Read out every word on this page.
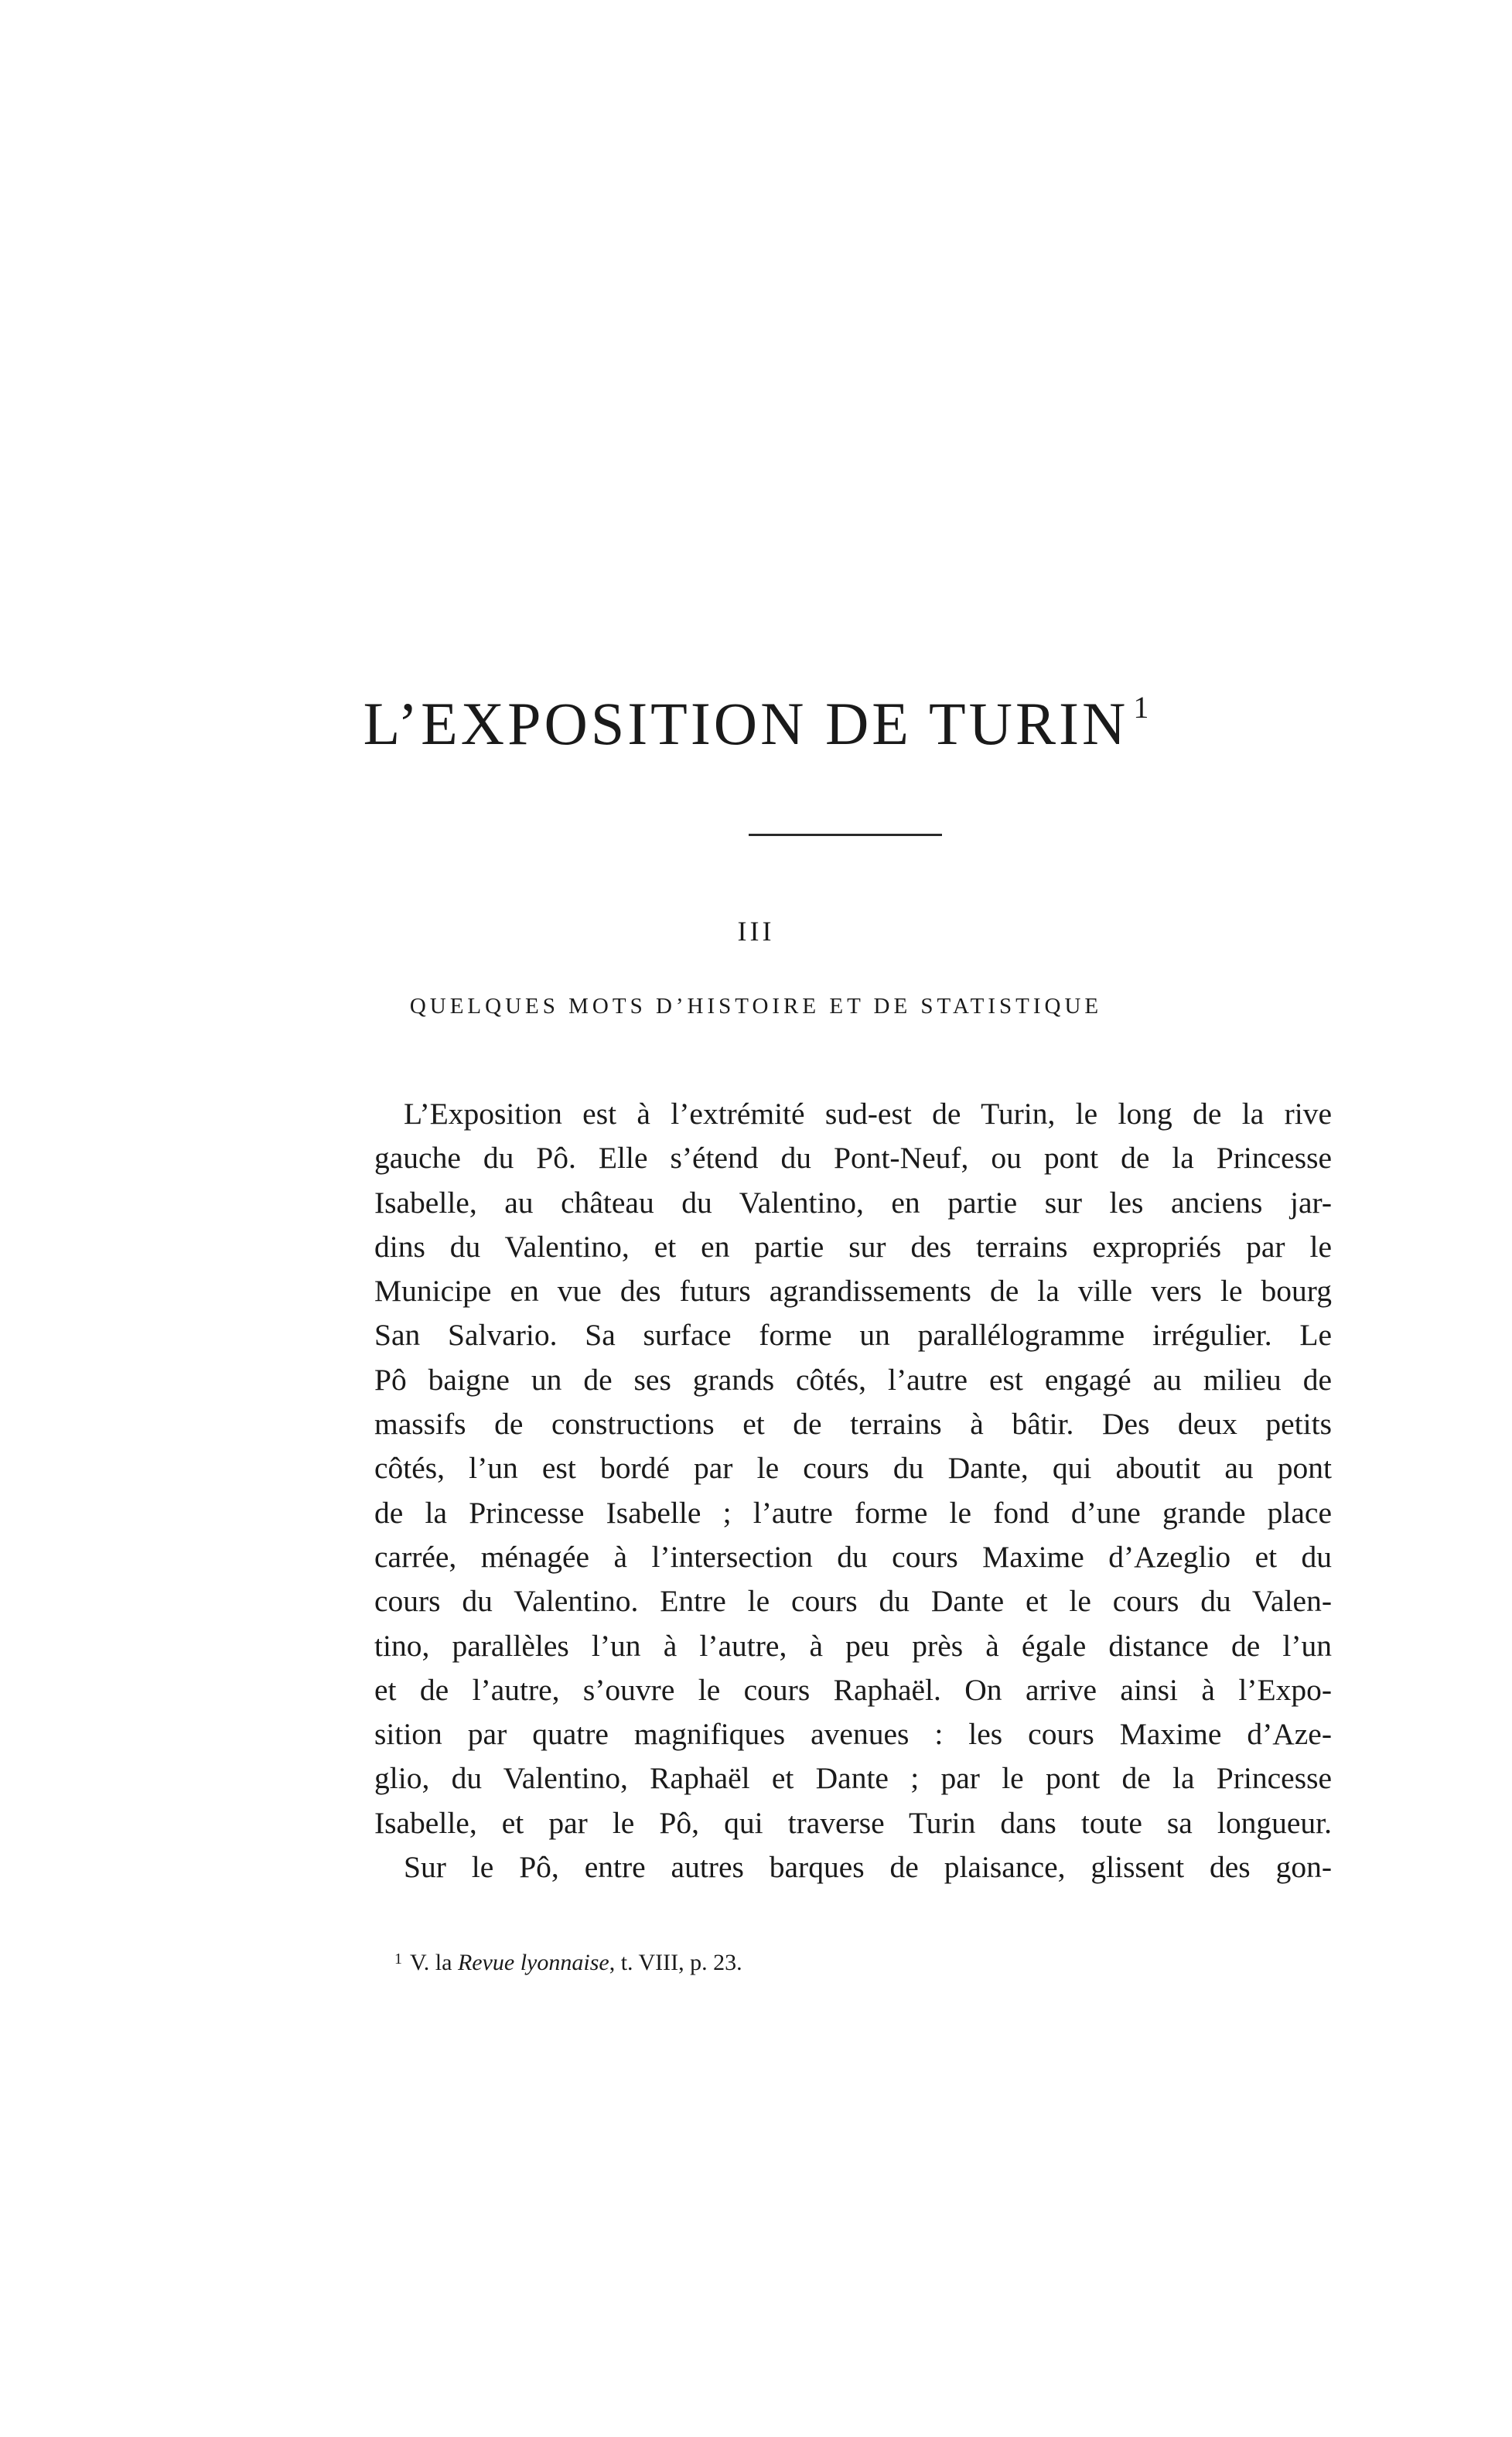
L’EXPOSITION DE TURIN $^1$
III
QUELQUES MOTS D’HISTOIRE ET DE STATISTIQUE
L’Exposition est à l’extrémité sud-est de Turin, le long de la rive
gauche du Pô. Elle s’étend du Pont-Neuf, ou pont de la Princesse
Isabelle, au château du Valentino, en partie sur les anciens jar-
dins du Valentino, et en partie sur des terrains expropriés par le
Municipe en vue des futurs agrandissements de la ville vers le bourg
San Salvario. Sa surface forme un parallélogramme irrégulier. Le
Pô baigne un de ses grands côtés, l’autre est engagé au milieu de
massifs de constructions et de terrains à bâtir. Des deux petits
côtés, l’un est bordé par le cours du Dante, qui aboutit au pont
de la Princesse Isabelle ; l’autre forme le fond d’une grande place
carrée, ménagée à l’intersection du cours Maxime d’Azeglio et du
cours du Valentino. Entre le cours du Dante et le cours du Valen-
tino, parallèles l’un à l’autre, à peu près à égale distance de l’un
et de l’autre, s’ouvre le cours Raphaël. On arrive ainsi à l’Expo-
sition par quatre magnifiques avenues : les cours Maxime d’Aze-
glio, du Valentino, Raphaël et Dante ; par le pont de la Princesse
Isabelle, et par le Pô, qui traverse Turin dans toute sa longueur.
Sur le Pô, entre autres barques de plaisance, glissent des gon-
$^1$ V. la Revue lyonnaise, t. VIII, p. 23.
